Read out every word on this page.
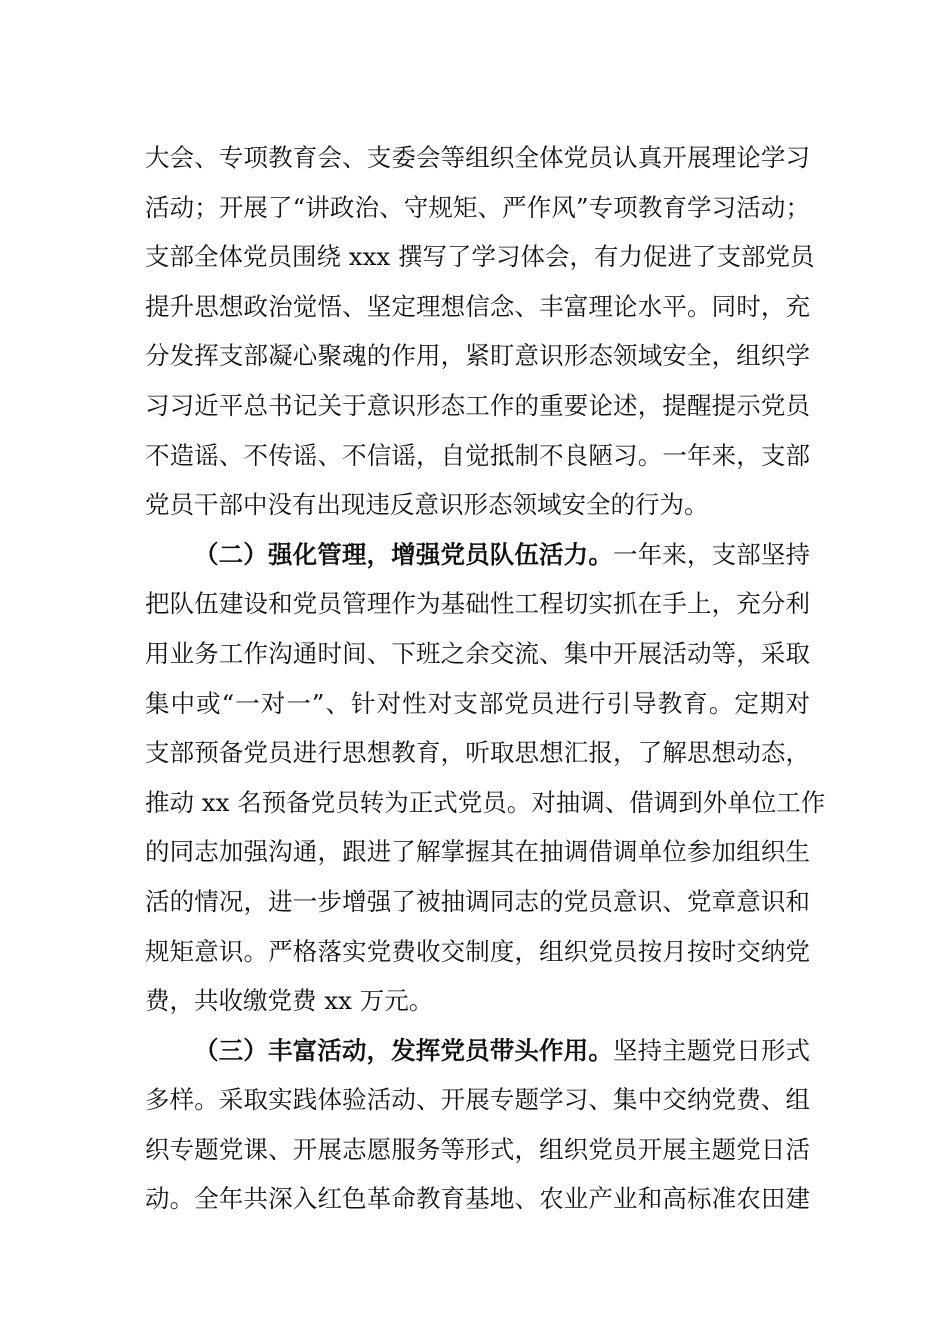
大会、专项教育会、支委会等组织全体党员认真开展理论学习
活动；开展了“讲政治、守规矩、严作风”专项教育学习活动；
支部全体党员围绕 xxx 撰写了学习体会，有力促进了支部党员
提升思想政治觉悟、坚定理想信念、丰富理论水平。同时，充
分发挥支部凝心聚魂的作用，紧盯意识形态领域安全，组织学
习习近平总书记关于意识形态工作的重要论述，提醒提示党员
不造谣、不传谣、不信谣，自觉抵制不良陋习。一年来，支部
党员干部中没有出现违反意识形态领域安全的行为。
（二）强化管理，增强党员队伍活力。一年来，支部坚持
把队伍建设和党员管理作为基础性工程切实抓在手上，充分利
用业务工作沟通时间、下班之余交流、集中开展活动等，采取
集中或“一对一”、针对性对支部党员进行引导教育。定期对
支部预备党员进行思想教育，听取思想汇报，了解思想动态，
推动 xx 名预备党员转为正式党员。对抽调、借调到外单位工作
的同志加强沟通，跟进了解掌握其在抽调借调单位参加组织生
活的情况，进一步增强了被抽调同志的党员意识、党章意识和
规矩意识。严格落实党费收交制度，组织党员按月按时交纳党
费，共收缴党费 xx 万元。
（三）丰富活动，发挥党员带头作用。坚持主题党日形式
多样。采取实践体验活动、开展专题学习、集中交纳党费、组
织专题党课、开展志愿服务等形式，组织党员开展主题党日活
动。全年共深入红色革命教育基地、农业产业和高标准农田建
